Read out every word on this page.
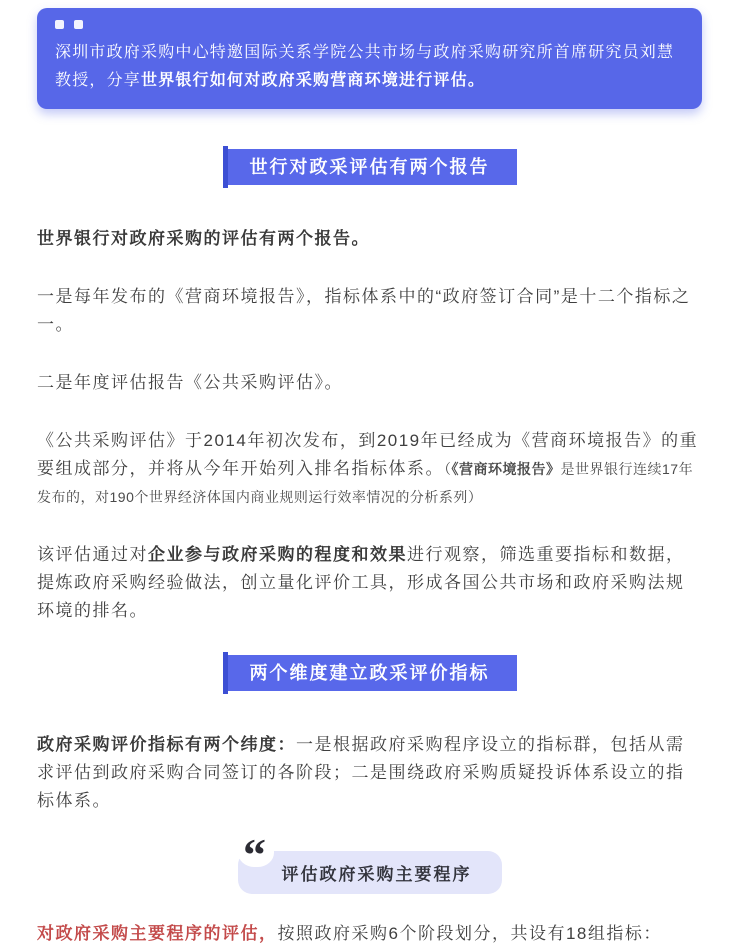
深圳市政府采购中心特邀国际关系学院公共市场与政府采购研究所首席研究员刘慧教授，分享世界银行如何对政府采购营商环境进行评估。
世行对政采评估有两个报告

世界银行对政府采购的评估有两个报告。

一是每年发布的《营商环境报告》，指标体系中的“政府签订合同”是十二个指标之一。

二是年度评估报告《公共采购评估》。

《公共采购评估》于2014年初次发布，到2019年已经成为《营商环境报告》的重要组成部分，并将从今年开始列入排名指标体系。（《营商环境报告》是世界银行连续17年发布的，对190个世界经济体国内商业规则运行效率情况的分析系列）

该评估通过对企业参与政府采购的程度和效果进行观察，筛选重要指标和数据，提炼政府采购经验做法，创立量化评价工具，形成各国公共市场和政府采购法规环境的排名。

两个维度建立政采评价指标

政府采购评价指标有两个纬度：一是根据政府采购程序设立的指标群，包括从需求评估到政府采购合同签订的各阶段；二是围绕政府采购质疑投诉体系设立的指标体系。

“ 评估政府采购主要程序

对政府采购主要程序的评估，按照政府采购6个阶段划分，共设有18组指标：
